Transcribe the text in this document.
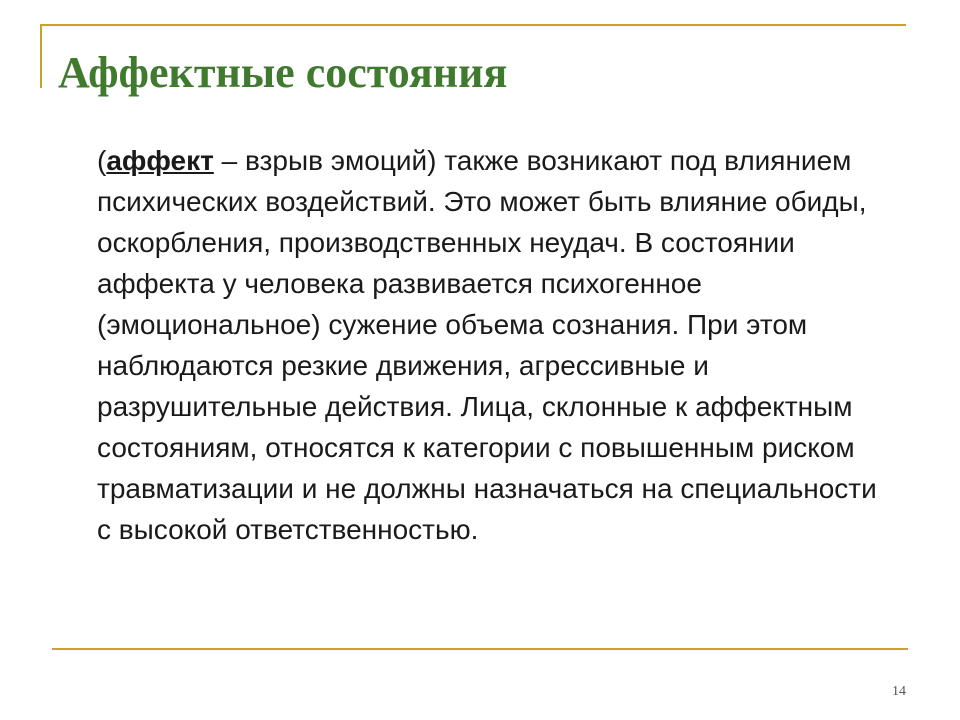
Аффектные состояния

(аффект – взрыв эмоций) также возникают под влиянием психических воздействий. Это может быть влияние обиды, оскорбления, производственных неудач. В состоянии аффекта у человека развивается психогенное (эмоциональное) сужение объема сознания. При этом наблюдаются резкие движения, агрессивные и разрушительные действия. Лица, склонные к аффектным состояниям, относятся к категории с повышенным риском травматизации и не должны назначаться на специальности с высокой ответственностью.

14
